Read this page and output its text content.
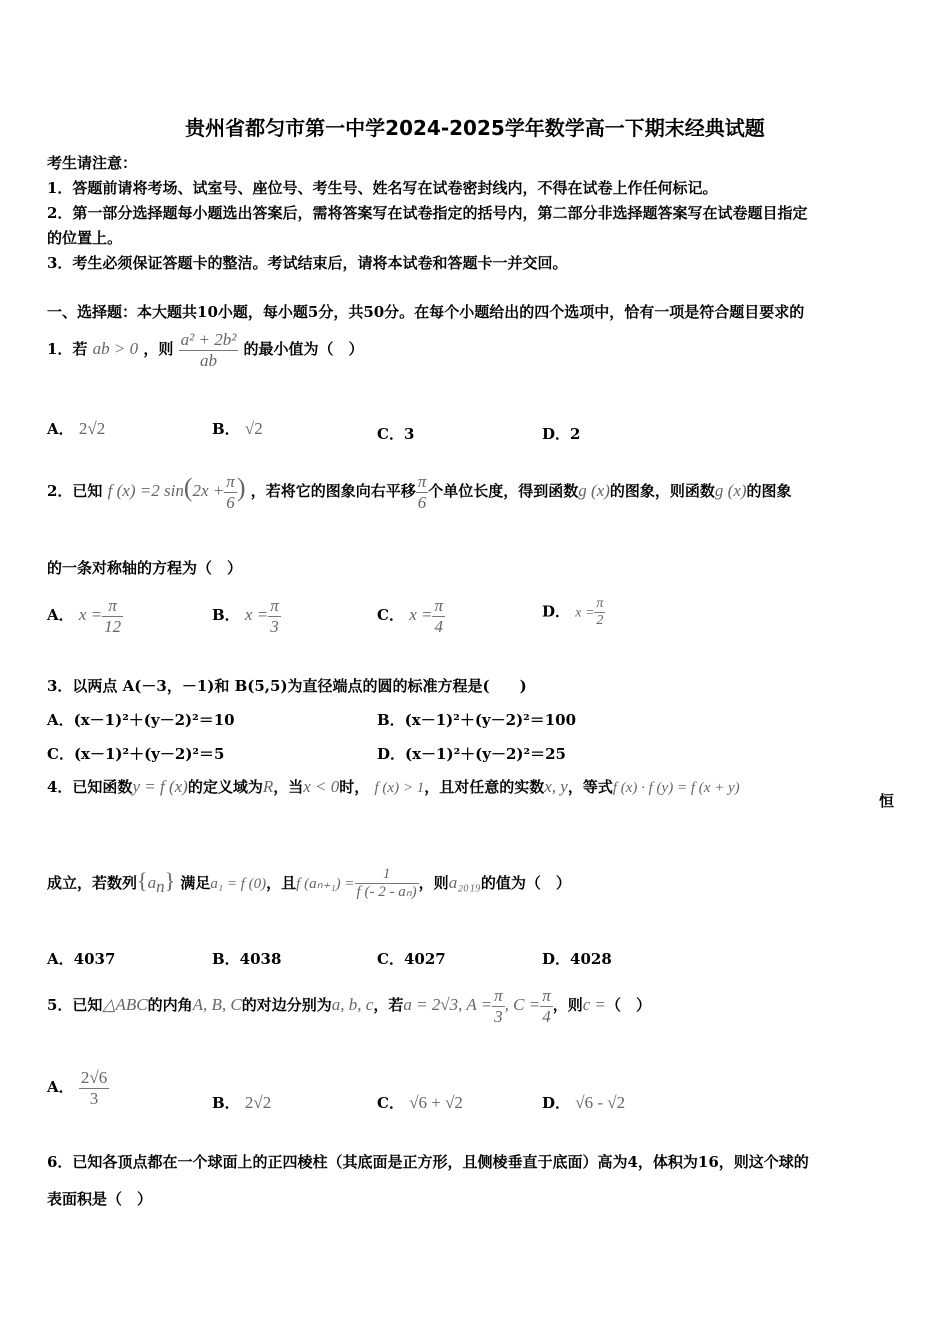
贵州省都匀市第一中学2024-2025学年数学高一下期末经典试题
考生请注意：
1．答题前请将考场、试室号、座位号、考生号、姓名写在试卷密封线内，不得在试卷上作任何标记。
2．第一部分选择题每小题选出答案后，需将答案写在试卷指定的括号内，第二部分非选择题答案写在试卷题目指定
的位置上。
3．考生必须保证答题卡的整洁。考试结束后，请将本试卷和答题卡一并交回。
一、选择题：本大题共10小题，每小题5分，共50分。在每个小题给出的四个选项中，恰有一项是符合题目要求的
1．若 ab > 0 ，则 $\frac{\text{a² + 2b²}}{ab}$ 的最小值为（　）
A． 2√2	B． √2	C．3	D．2
2．已知 f (x) =2 $\sin(2x + \frac{\pi}{6}$ ) ，若将它的图象向右平移 $\frac{\pi}{6}$ 个单位长度，得到函数g (x)的图象，则函数g (x)的图象
的一条对称轴的方程为（　）
A． $x = \frac{\pi}{12}$	B． $x = \frac{\pi}{3}$	C． $x = \frac{\pi}{4}$	D． $x = \frac{\pi}{2}$
3．以两点 A(－3，－1)和 B(5,5)为直径端点的圆的标准方程是(　　)
A．(x－1)²＋(y－2)²＝10	B．(x－1)²＋(y－2)²＝100
C．(x－1)²＋(y－2)²＝5	D．(x－1)²＋(y－2)²＝25
4．已知函数y = f (x)的定义域为R，当x < 0时， f (x) > 1，且对任意的实数x, y，等式f (x) · f (y) = f (x + y)
恒
成立，若数列$\{a_n\}$ 满足a₁ = f (0)，且f $(a_{n+1}) = \frac{1}{\text{f (- 2 - aₙ)}}$ ，则a₂₀₁₉的值为（　）
A．4037	B．4038	C．4027	D．4028
5．已知△ABC的内角A, B, C的对边分别为a, b, c，若a = 2√3, $A = \frac{\pi}{3}$ , $C = \frac{\pi}{4}$ ，则c =（　）
A． $\frac{2√6}{3}$	B． 2√2	C． √6 + √2	D． √6 - √2
6．已知各顶点都在一个球面上的正四棱柱（其底面是正方形，且侧棱垂直于底面）高为4，体积为16，则这个球的
表面积是（　）
